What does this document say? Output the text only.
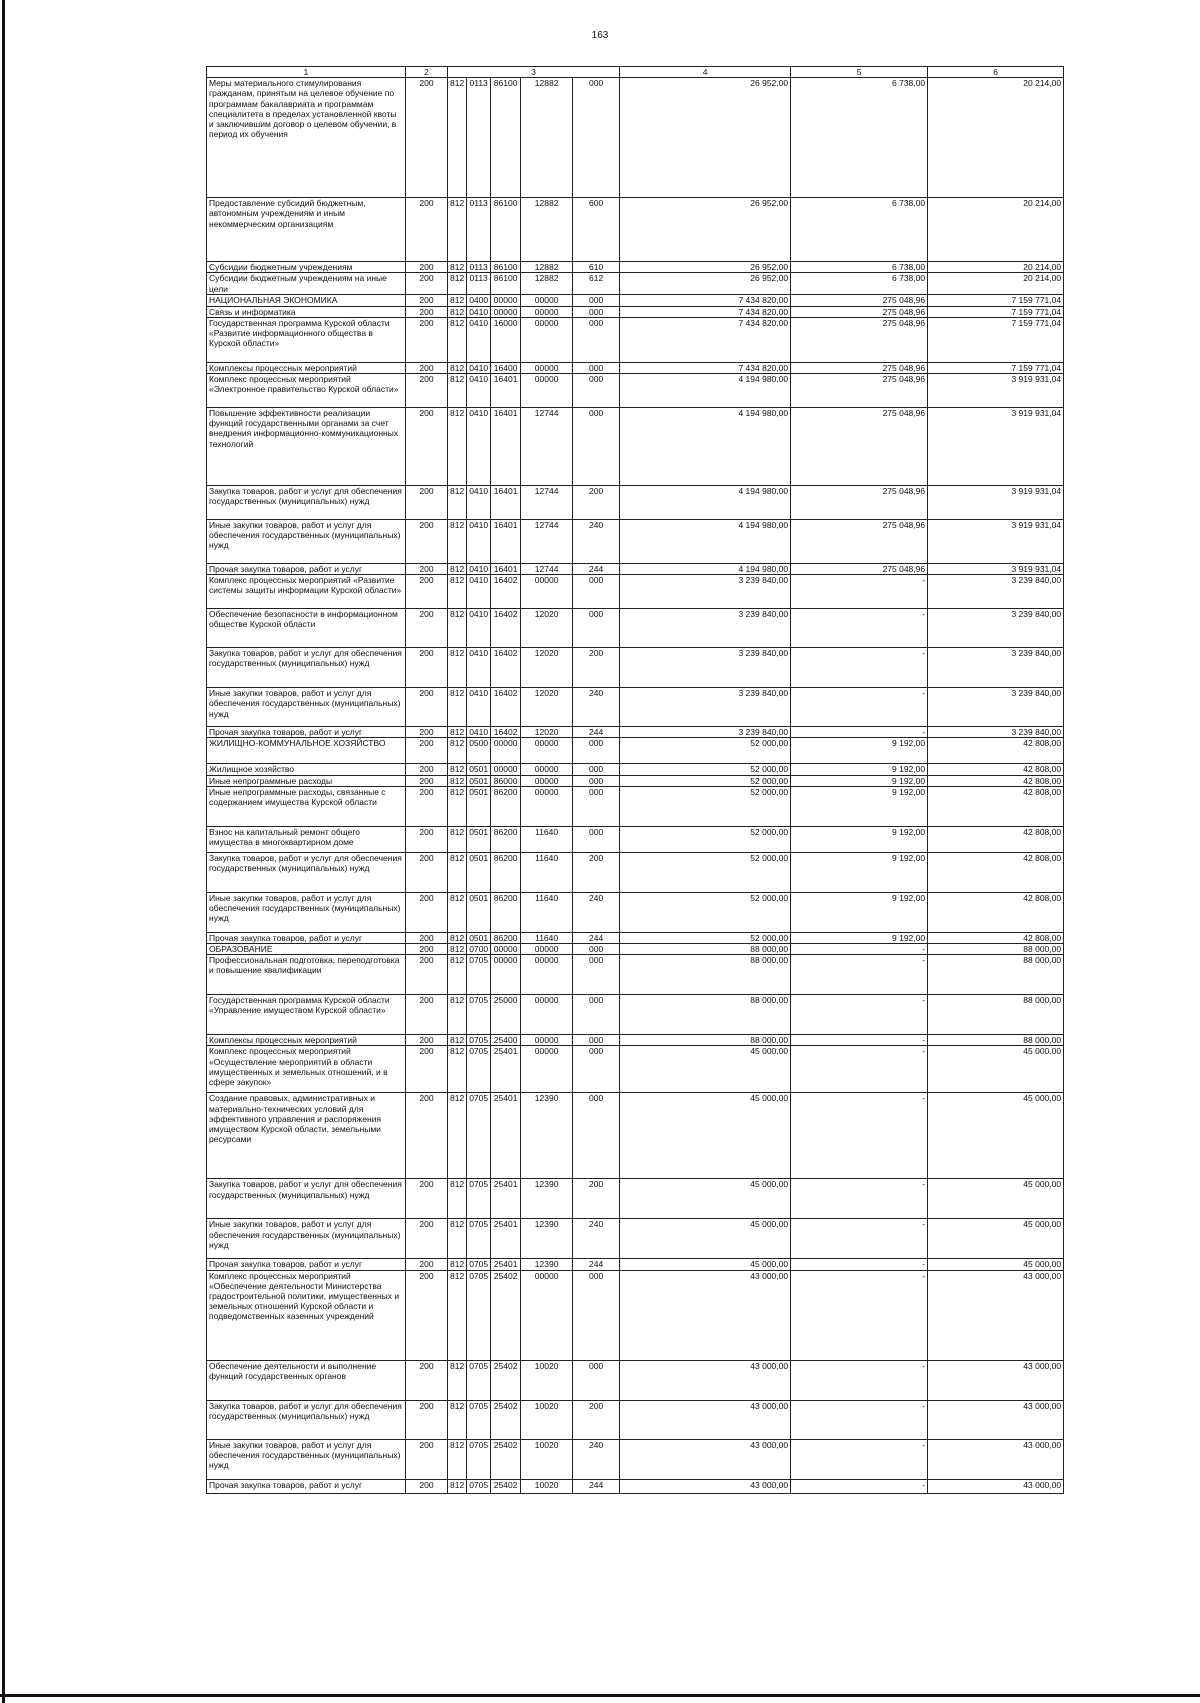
163
1	2	3					4	5	6
Меры материального стимулирования гражданам, принятым на целевое обучение по программам бакалавриата и программам специалитета в пределах установленной квоты и заключившим договор о целевом обучении, в период их обучения	200	812	0113	86100	12882	000	26 952,00	6 738,00	20 214,00
Предоставление субсидий бюджетным, автономным учреждениям и иным некоммерческим организациям	200	812	0113	86100	12882	600	26 952,00	6 738,00	20 214,00
Субсидии бюджетным учреждениям	200	812	0113	86100	12882	610	26 952,00	6 738,00	20 214,00
Субсидии бюджетным учреждениям на иные цели	200	812	0113	86100	12882	612	26 952,00	6 738,00	20 214,00
НАЦИОНАЛЬНАЯ ЭКОНОМИКА	200	812	0400	00000	00000	000	7 434 820,00	275 048,96	7 159 771,04
Связь и информатика	200	812	0410	00000	00000	000	7 434 820,00	275 048,96	7 159 771,04
Государственная программа Курской области «Развитие информационного общества в Курской области»	200	812	0410	16000	00000	000	7 434 820,00	275 048,96	7 159 771,04
Комплексы процессных мероприятий	200	812	0410	16400	00000	000	7 434 820,00	275 048,96	7 159 771,04
Комплекс процессных мероприятий «Электронное правительство Курской области»	200	812	0410	16401	00000	000	4 194 980,00	275 048,96	3 919 931,04
Повышение эффективности реализации функций государственными органами за счет внедрения информационно-коммуникационных технологий	200	812	0410	16401	12744	000	4 194 980,00	275 048,96	3 919 931,04
Закупка товаров, работ и услуг для обеспечения государственных (муниципальных) нужд	200	812	0410	16401	12744	200	4 194 980,00	275 048,96	3 919 931,04
Иные закупки товаров, работ и услуг для обеспечения государственных (муниципальных) нужд	200	812	0410	16401	12744	240	4 194 980,00	275 048,96	3 919 931,04
Прочая закупка товаров, работ и услуг	200	812	0410	16401	12744	244	4 194 980,00	275 048,96	3 919 931,04
Комплекс процессных мероприятий «Развитие системы защиты информации Курской области»	200	812	0410	16402	00000	000	3 239 840,00	-	3 239 840,00
Обеспечение безопасности в информационном обществе Курской области	200	812	0410	16402	12020	000	3 239 840,00	-	3 239 840,00
Закупка товаров, работ и услуг для обеспечения государственных (муниципальных) нужд	200	812	0410	16402	12020	200	3 239 840,00	-	3 239 840,00
Иные закупки товаров, работ и услуг для обеспечения государственных (муниципальных) нужд	200	812	0410	16402	12020	240	3 239 840,00	-	3 239 840,00
Прочая закупка товаров, работ и услуг	200	812	0410	16402	12020	244	3 239 840,00	-	3 239 840,00
ЖИЛИЩНО-КОММУНАЛЬНОЕ ХОЗЯЙСТВО	200	812	0500	00000	00000	000	52 000,00	9 192,00	42 808,00
Жилищное хозяйство	200	812	0501	00000	00000	000	52 000,00	9 192,00	42 808,00
Иные непрограммные расходы	200	812	0501	86000	00000	000	52 000,00	9 192,00	42 808,00
Иные непрограммные расходы, связанные с содержанием имущества Курской области	200	812	0501	86200	00000	000	52 000,00	9 192,00	42 808,00
Взнос на капитальный ремонт общего имущества в многоквартирном доме	200	812	0501	86200	11640	000	52 000,00	9 192,00	42 808,00
Закупка товаров, работ и услуг для обеспечения государственных (муниципальных) нужд	200	812	0501	86200	11640	200	52 000,00	9 192,00	42 808,00
Иные закупки товаров, работ и услуг для обеспечения государственных (муниципальных) нужд	200	812	0501	86200	11640	240	52 000,00	9 192,00	42 808,00
Прочая закупка товаров, работ и услуг	200	812	0501	86200	11640	244	52 000,00	9 192,00	42 808,00
ОБРАЗОВАНИЕ	200	812	0700	00000	00000	000	88 000,00	-	88 000,00
Профессиональная подготовка, переподготовка и повышение квалификации	200	812	0705	00000	00000	000	88 000,00	-	88 000,00
Государственная программа Курской области «Управление имуществом Курской области»	200	812	0705	25000	00000	000	88 000,00	-	88 000,00
Комплексы процессных мероприятий	200	812	0705	25400	00000	000	88 000,00	-	88 000,00
Комплекс процессных мероприятий «Осуществление мероприятий в области имущественных и земельных отношений, и в сфере закупок»	200	812	0705	25401	00000	000	45 000,00	-	45 000,00
Создание правовых, административных и материально-технических условий для эффективного управления и распоряжения имуществом Курской области, земельными ресурсами	200	812	0705	25401	12390	000	45 000,00	-	45 000,00
Закупка товаров, работ и услуг для обеспечения государственных (муниципальных) нужд	200	812	0705	25401	12390	200	45 000,00	-	45 000,00
Иные закупки товаров, работ и услуг для обеспечения государственных (муниципальных) нужд	200	812	0705	25401	12390	240	45 000,00	-	45 000,00
Прочая закупка товаров, работ и услуг	200	812	0705	25401	12390	244	45 000,00	-	45 000,00
Комплекс процессных мероприятий «Обеспечение деятельности Министерства градостроительной политики, имущественных и земельных отношений Курской области и подведомственных казенных учреждений	200	812	0705	25402	00000	000	43 000,00	-	43 000,00
Обеспечение деятельности и выполнение функций государственных органов	200	812	0705	25402	10020	000	43 000,00	-	43 000,00
Закупка товаров, работ и услуг для обеспечения государственных (муниципальных) нужд	200	812	0705	25402	10020	200	43 000,00	-	43 000,00
Иные закупки товаров, работ и услуг для обеспечения государственных (муниципальных) нужд	200	812	0705	25402	10020	240	43 000,00	-	43 000,00
Прочая закупка товаров, работ и услуг	200	812	0705	25402	10020	244	43 000,00	-	43 000,00
